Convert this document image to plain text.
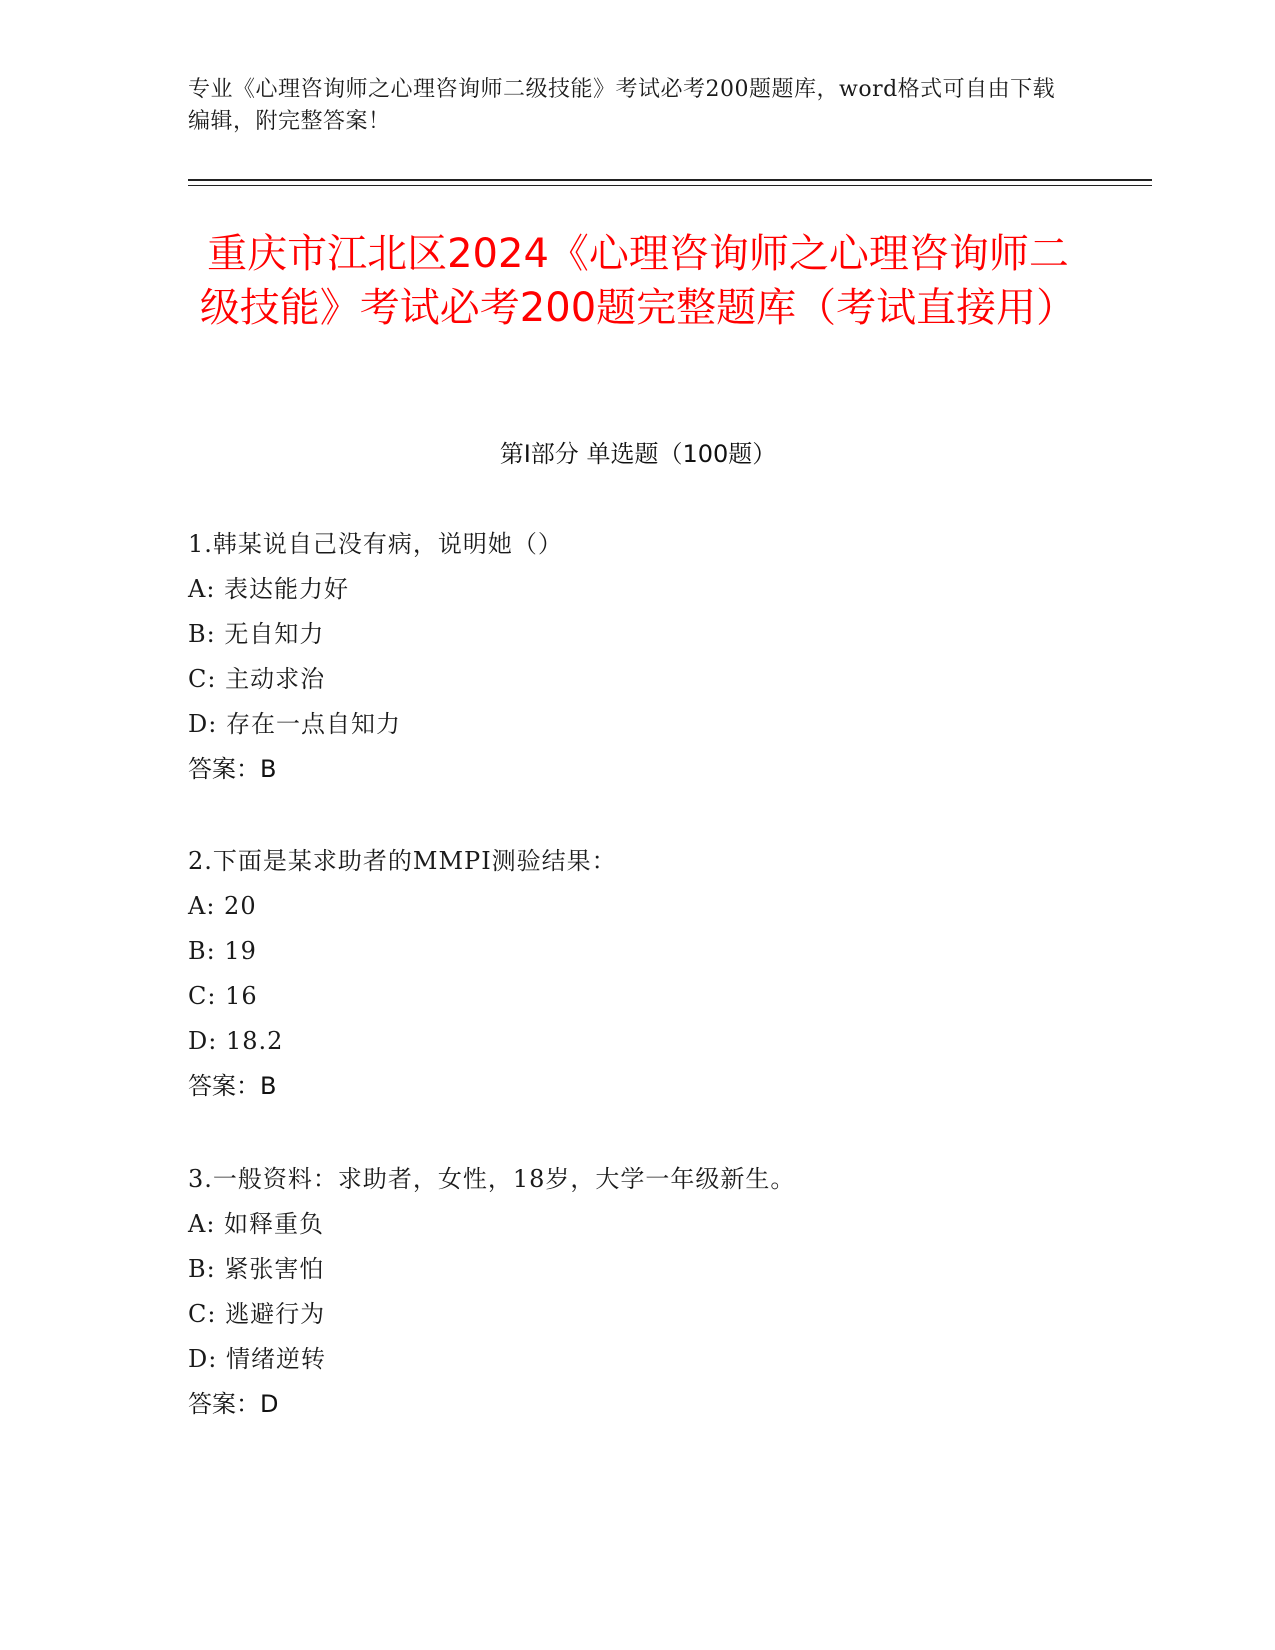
专业《心理咨询师之心理咨询师二级技能》考试必考200题题库，word格式可自由下载编辑，附完整答案！
重庆市江北区2024《心理咨询师之心理咨询师二级技能》考试必考200题完整题库（考试直接用）
第I部分 单选题（100题）
1.韩某说自己没有病，说明她（）
A: 表达能力好
B: 无自知力
C: 主动求治
D: 存在一点自知力
答案：B
2.下面是某求助者的MMPI测验结果：
A: 20
B: 19
C: 16
D: 18.2
答案：B
3.一般资料：求助者，女性，18岁，大学一年级新生。
A: 如释重负
B: 紧张害怕
C: 逃避行为
D: 情绪逆转
答案：D
